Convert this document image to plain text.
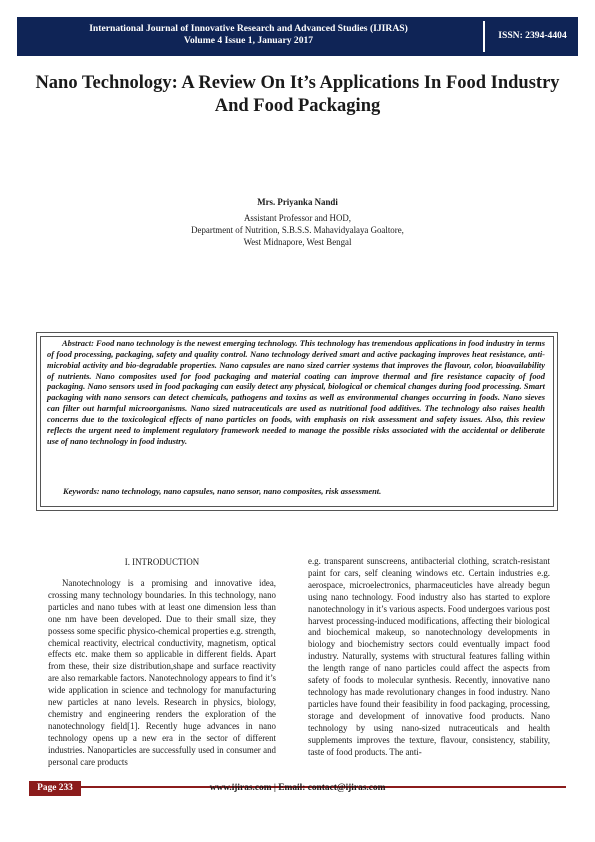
International Journal of Innovative Research and Advanced Studies (IJIRAS)
Volume 4 Issue 1, January 2017	ISSN: 2394-4404
Nano Technology: A Review On It’s Applications In Food Industry And Food Packaging
Mrs. Priyanka Nandi
Assistant Professor and HOD,
Department of Nutrition, S.B.S.S. Mahavidyalaya Goaltore,
West Midnapore, West Bengal
Abstract: Food nano technology is the newest emerging technology. This technology has tremendous applications in food industry in terms of food processing, packaging, safety and quality control. Nano technology derived smart and active packaging improves heat resistance, anti-microbial activity and bio-degradable properties. Nano capsules are nano sized carrier systems that improves the flavour, color, bioavailability of nutrients. Nano composites used for food packaging and material coating can improve thermal and fire resistance capacity of food packaging. Nano sensors used in food packaging can easily detect any physical, biological or chemical changes during food processing. Smart packaging with nano sensors can detect chemicals, pathogens and toxins as well as environmental changes occurring in foods. Nano sieves can filter out harmful microorganisms. Nano sized nutraceuticals are used as nutritional food additives. The technology also raises health concerns due to the toxicological effects of nano particles on foods, with emphasis on risk assessment and safety issues. Also, this review reflects the urgent need to implement regulatory framework needed to manage the possible risks associated with the accidental or deliberate use of nano technology in food industry.
Keywords: nano technology, nano capsules, nano sensor, nano composites, risk assessment.
I. INTRODUCTION
Nanotechnology is a promising and innovative idea, crossing many technology boundaries. In this technology, nano particles and nano tubes with at least one dimension less than one nm have been developed. Due to their small size, they possess some specific physico-chemical properties e.g. strength, chemical reactivity, electrical conductivity, magnetism, optical effects etc. make them so applicable in different fields. Apart from these, their size distribution,shape and surface reactivity are also remarkable factors. Nanotechnology appears to find it’s wide application in science and technology for manufacturing new particles at nano levels. Research in physics, biology, chemistry and engineering renders the exploration of the nanotechnology field[1]. Recently huge advances in nano technology opens up a new era in the sector of different industries. Nanoparticles are successfully used in consumer and personal care products
e.g. transparent sunscreens, antibacterial clothing, scratch-resistant paint for cars, self cleaning windows etc. Certain industries e.g. aerospace, microelectronics, pharmaceuticles have already begun using nano technology. Food industry also has started to explore nanotechnology in it’s various aspects. Food undergoes various post harvest processing-induced modifications, affecting their biological and biochemical makeup, so nanotechnology developments in biology and biochemistry sectors could eventually impact food industry. Naturally, systems with structural features falling within the length range of nano particles could affect the aspects from safety of foods to molecular synthesis. Recently, innovative nano technology has made revolutionary changes in food industry. Nano particles have found their feasibility in food packaging, processing, storage and development of innovative food products. Nano technology by using nano-sized nutraceuticals and health supplements improves the texture, flavour, consistency, stability, taste of food products. The anti-
www.ijiras.com | Email: contact@ijiras.com
Page 233
